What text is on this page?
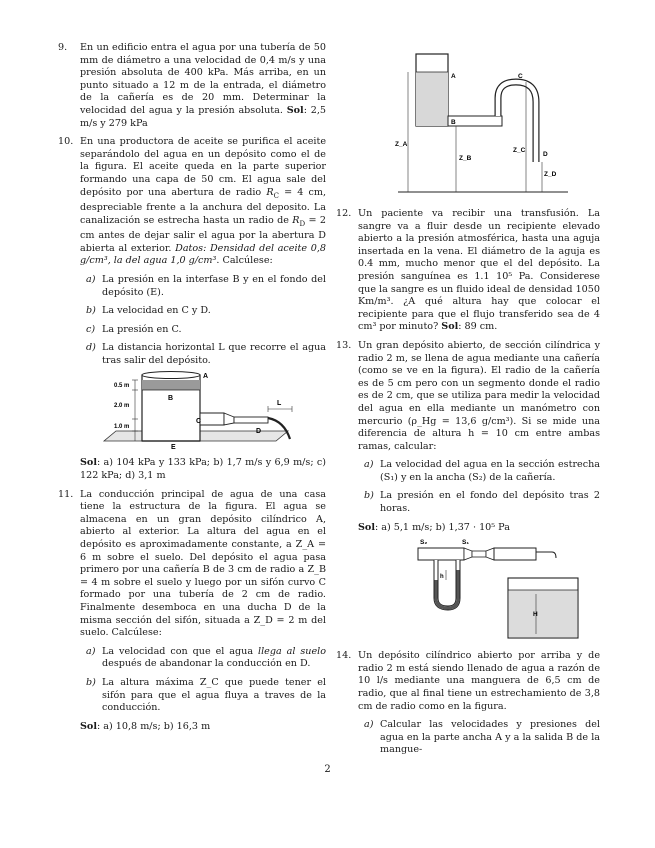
9. En un edificio entra el agua por una tubería de 50 mm de diámetro a una velocidad de 0,4 m/s y una presión absoluta de 400 kPa. Más arriba, en un punto situado a 12 m de la entrada, el diámetro de la cañería es de 20 mm. Determinar la velocidad del agua y la presión absoluta. Sol: 2,5 m/s y 279 kPa
10. En una productora de aceite se purifica el aceite separándolo del agua en un depósito como el de la figura. El aceite queda en la parte superior formando una capa de 50 cm. El agua sale del depósito por una abertura de radio $R_C = 4$ cm, despreciable frente a la anchura del deposito. La canalización se estrecha hasta un radio de $R_D = 2$ cm antes de dejar salir el agua por la abertura D abierta al exterior. Datos: Densidad del aceite 0,8 g/cm³, la del agua 1,0 g/cm³. Calcúlese:
a) La presión en la interfase B y en el fondo del depósito (E).
b) La velocidad en C y D.
c) La presión en C.
d) La distancia horizontal L que recorre el agua tras salir del depósito.
0.5 m
2.0 m
1.0 m
A
B
C
D
L
E
Sol: a) 104 kPa y 133 kPa; b) 1,7 m/s y 6,9 m/s; c) 122 kPa; d) 3,1 m
11. La conducción principal de agua de una casa tiene la estructura de la figura. El agua se almacena en un gran depósito cilíndrico A, abierto al exterior. La altura del agua en el depósito es aproximadamente constante, a Z_A = 6 m sobre el suelo. Del depósito el agua pasa primero por una cañería B de 3 cm de radio a Z_B = 4 m sobre el suelo y luego por un sifón curvo C formado por una tubería de 2 cm de radio. Finalmente desemboca en una ducha D de la misma sección del sifón, situada a Z_D = 2 m del suelo. Calcúlese:
a) La velocidad con que el agua llega al suelo después de abandonar la conducción en D.
b) La altura máxima Z_C que puede tener el sifón para que el agua fluya a traves de la conducción.
Sol: a) 10,8 m/s; b) 16,3 m
A
B
C
D
Z_A
Z_B
Z_C
Z_D
12. Un paciente va recibir una transfusión. La sangre va a fluir desde un recipiente elevado abierto a la presión atmosférica, hasta una aguja insertada en la vena. El diámetro de la aguja es 0.4 mm, mucho menor que el del depósito. La presión sanguínea es 1.1 10⁵ Pa. Considerese que la sangre es un fluido ideal de densidad 1050 Km/m³. ¿A qué altura hay que colocar el recipiente para que el flujo transferido sea de 4 cm³ por minuto? Sol: 89 cm.
13. Un gran depósito abierto, de sección cilíndrica y radio 2 m, se llena de agua mediante una cañería (como se ve en la figura). El radio de la cañería es de 5 cm pero con un segmento donde el radio es de 2 cm, que se utiliza para medir la velocidad del agua en ella mediante un manómetro con mercurio (ρ_Hg = 13,6 g/cm³). Si se mide una diferencia de altura h = 10 cm entre ambas ramas, calcular:
a) La velocidad del agua en la sección estrecha (S₁) y en la ancha (S₂) de la cañería.
b) La presión en el fondo del depósito tras 2 horas.
Sol: a) 5,1 m/s; b) 1,37 · 10⁵ Pa
S₂	S₁
h
H
14. Un depósito cilíndrico abierto por arriba y de radio 2 m está siendo llenado de agua a razón de 10 l/s mediante una manguera de 6,5 cm de radio, que al final tiene un estrechamiento de 3,8 cm de radio como en la figura.
a) Calcular las velocidades y presiones del agua en la parte ancha A y a la salida B de la mangue-
2
